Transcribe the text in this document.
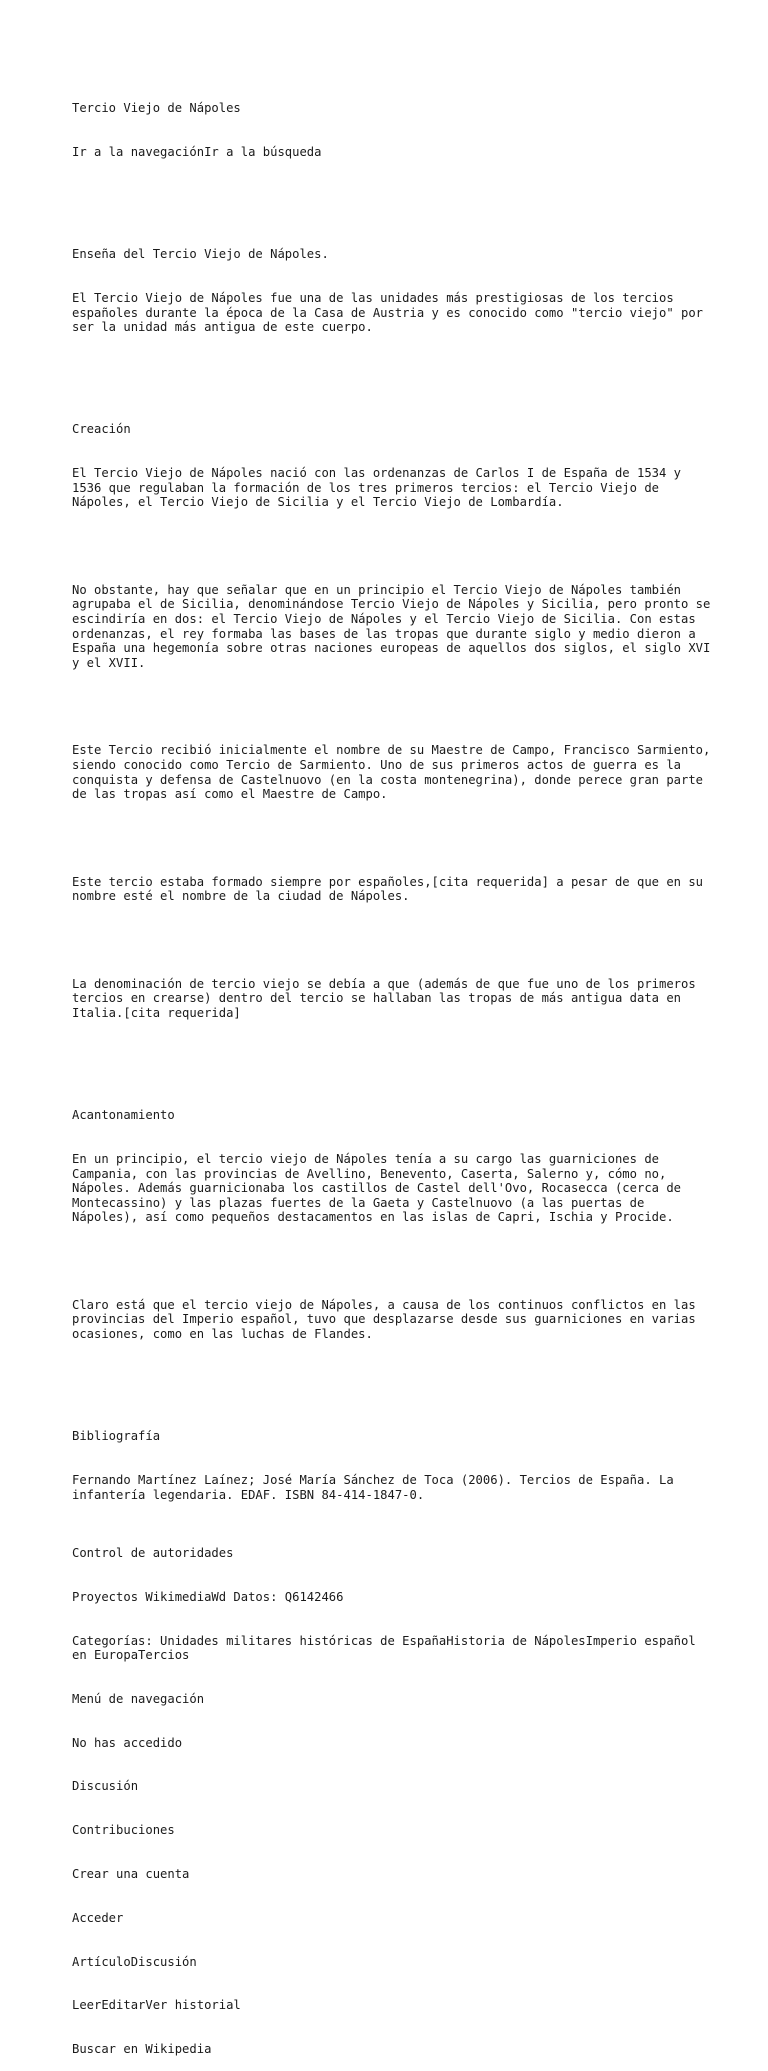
Tercio Viejo de Nápoles

Ir a la navegaciónIr a la búsqueda

Enseña del Tercio Viejo de Nápoles.

El Tercio Viejo de Nápoles fue una de las unidades más prestigiosas de los tercios españoles durante la época de la Casa de Austria y es conocido como "tercio viejo" por ser la unidad más antigua de este cuerpo.

Creación

El Tercio Viejo de Nápoles nació con las ordenanzas de Carlos I de España de 1534 y 1536 que regulaban la formación de los tres primeros tercios: el Tercio Viejo de Nápoles, el Tercio Viejo de Sicilia y el Tercio Viejo de Lombardía.

No obstante, hay que señalar que en un principio el Tercio Viejo de Nápoles también agrupaba el de Sicilia, denominándose Tercio Viejo de Nápoles y Sicilia, pero pronto se escindiría en dos: el Tercio Viejo de Nápoles y el Tercio Viejo de Sicilia. Con estas ordenanzas, el rey formaba las bases de las tropas que durante siglo y medio dieron a España una hegemonía sobre otras naciones europeas de aquellos dos siglos, el siglo XVI y el XVII.

Este Tercio recibió inicialmente el nombre de su Maestre de Campo, Francisco Sarmiento, siendo conocido como Tercio de Sarmiento. Uno de sus primeros actos de guerra es la conquista y defensa de Castelnuovo (en la costa montenegrina), donde perece gran parte de las tropas así como el Maestre de Campo.

Este tercio estaba formado siempre por españoles,[cita requerida] a pesar de que en su nombre esté el nombre de la ciudad de Nápoles.

La denominación de tercio viejo se debía a que (además de que fue uno de los primeros tercios en crearse) dentro del tercio se hallaban las tropas de más antigua data en Italia.[cita requerida]

Acantonamiento

En un principio, el tercio viejo de Nápoles tenía a su cargo las guarniciones de Campania, con las provincias de Avellino, Benevento, Caserta, Salerno y, cómo no, Nápoles. Además guarnicionaba los castillos de Castel dell'Ovo, Rocasecca (cerca de Montecassino) y las plazas fuertes de la Gaeta y Castelnuovo (a las puertas de Nápoles), así como pequeños destacamentos en las islas de Capri, Ischia y Procide.

Claro está que el tercio viejo de Nápoles, a causa de los continuos conflictos en las provincias del Imperio español, tuvo que desplazarse desde sus guarniciones en varias ocasiones, como en las luchas de Flandes.

Bibliografía

Fernando Martínez Laínez; José María Sánchez de Toca (2006). Tercios de España. La infantería legendaria. EDAF. ISBN 84-414-1847-0.

Control de autoridades

Proyectos WikimediaWd Datos: Q6142466

Categorías: Unidades militares históricas de EspañaHistoria de NápolesImperio español en EuropaTercios

Menú de navegación

No has accedido

Discusión

Contribuciones

Crear una cuenta

Acceder

ArtículoDiscusión

LeerEditarVer historial

Buscar en Wikipedia
